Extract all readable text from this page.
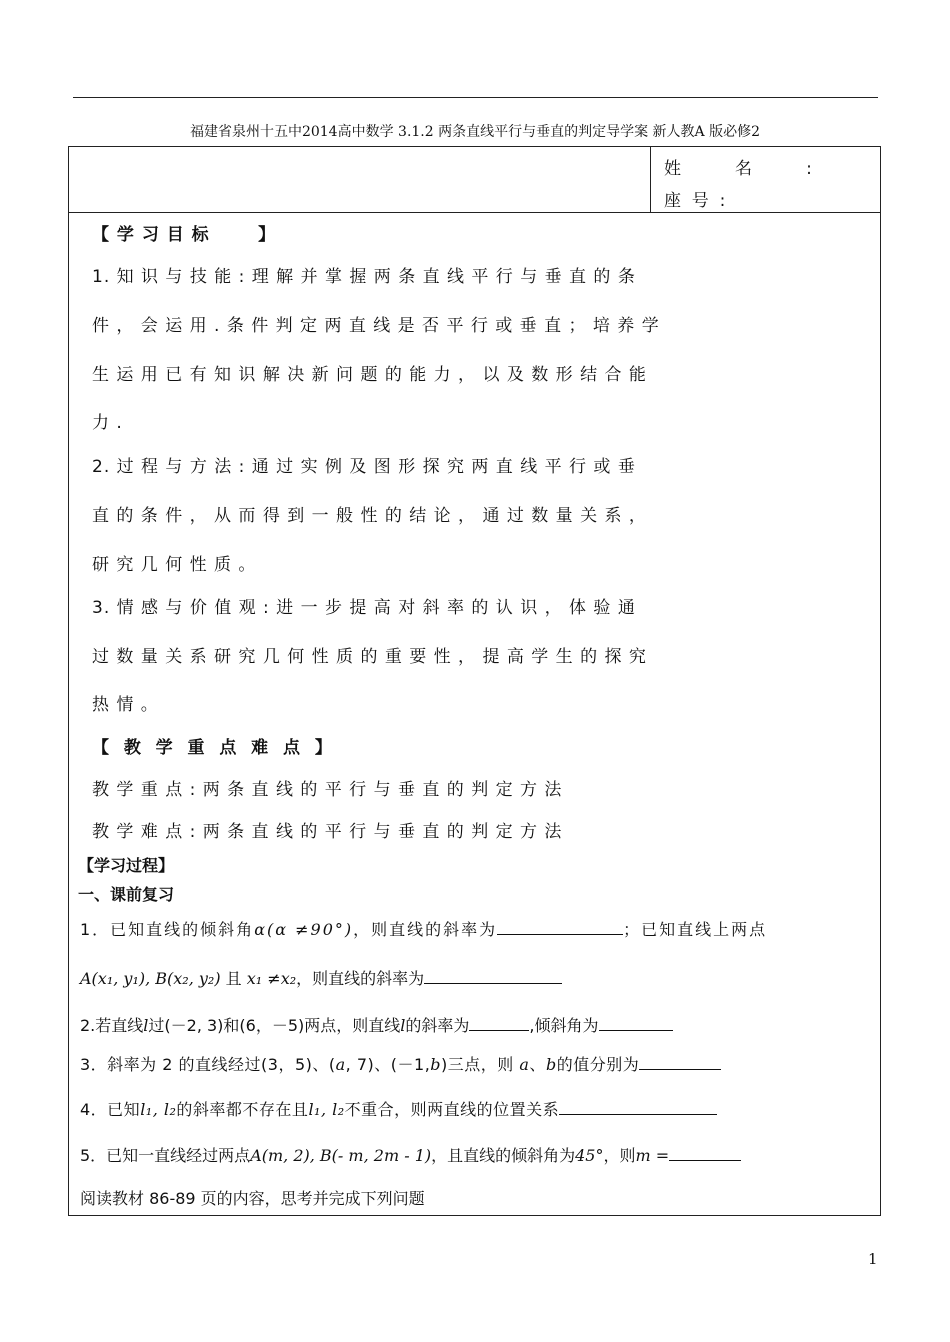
福建省泉州十五中2014高中数学 3.1.2 两条直线平行与垂直的判定导学案 新人教A 版必修2
姓          名          :
座  号  :
【 学 习 目 标       】
1. 知 识 与 技 能 : 理 解 并 掌 握 两 条 直 线 平 行 与 垂 直 的 条
件 ， 会 运 用 . 条 件 判 定 两 直 线 是 否 平 行 或 垂 直 ； 培 养 学
生 运 用 已 有 知 识 解 决 新 问 题 的 能 力 ， 以 及 数 形 结 合 能
力 .
2. 过 程 与 方 法 : 通 过 实 例 及 图 形 探 究 两 直 线 平 行 或 垂
直 的 条 件 ， 从 而 得 到 一 般 性 的 结 论 ， 通 过 数 量 关 系 ，
研 究 几 何 性 质 。
3. 情 感 与 价 值 观 : 进 一 步 提 高 对 斜 率 的 认 识 ， 体 验 通
过 数 量 关 系 研 究 几 何 性 质 的 重 要 性 ， 提 高 学 生 的 探 究
热 情 。
【  教  学  重  点  难  点  】
教 学 重 点 : 两 条 直 线 的 平 行 与 垂 直 的 判 定 方 法
教 学 难 点 : 两 条 直 线 的 平 行 与 垂 直 的 判 定 方 法
【学习过程】
一、课前复习
1．已知直线的倾斜角α(α ≠90°)，则直线的斜率为	；已知直线上两点
A(x₁, y₁), B(x₂, y₂) 且 x₁ ≠x₂，则直线的斜率为
2.若直线l过(－2, 3)和(6，－5)两点，则直线l的斜率为	,倾斜角为
3．斜率为 2 的直线经过(3，5)、(a, 7)、(－1,b)三点，则 a、b的值分别为
4．已知l₁, l₂的斜率都不存在且l₁, l₂不重合，则两直线的位置关系
5．已知一直线经过两点A(m, 2), B(- m, 2m - 1)，且直线的倾斜角为45°，则m =
阅读教材 86-89 页的内容，思考并完成下列问题
1
